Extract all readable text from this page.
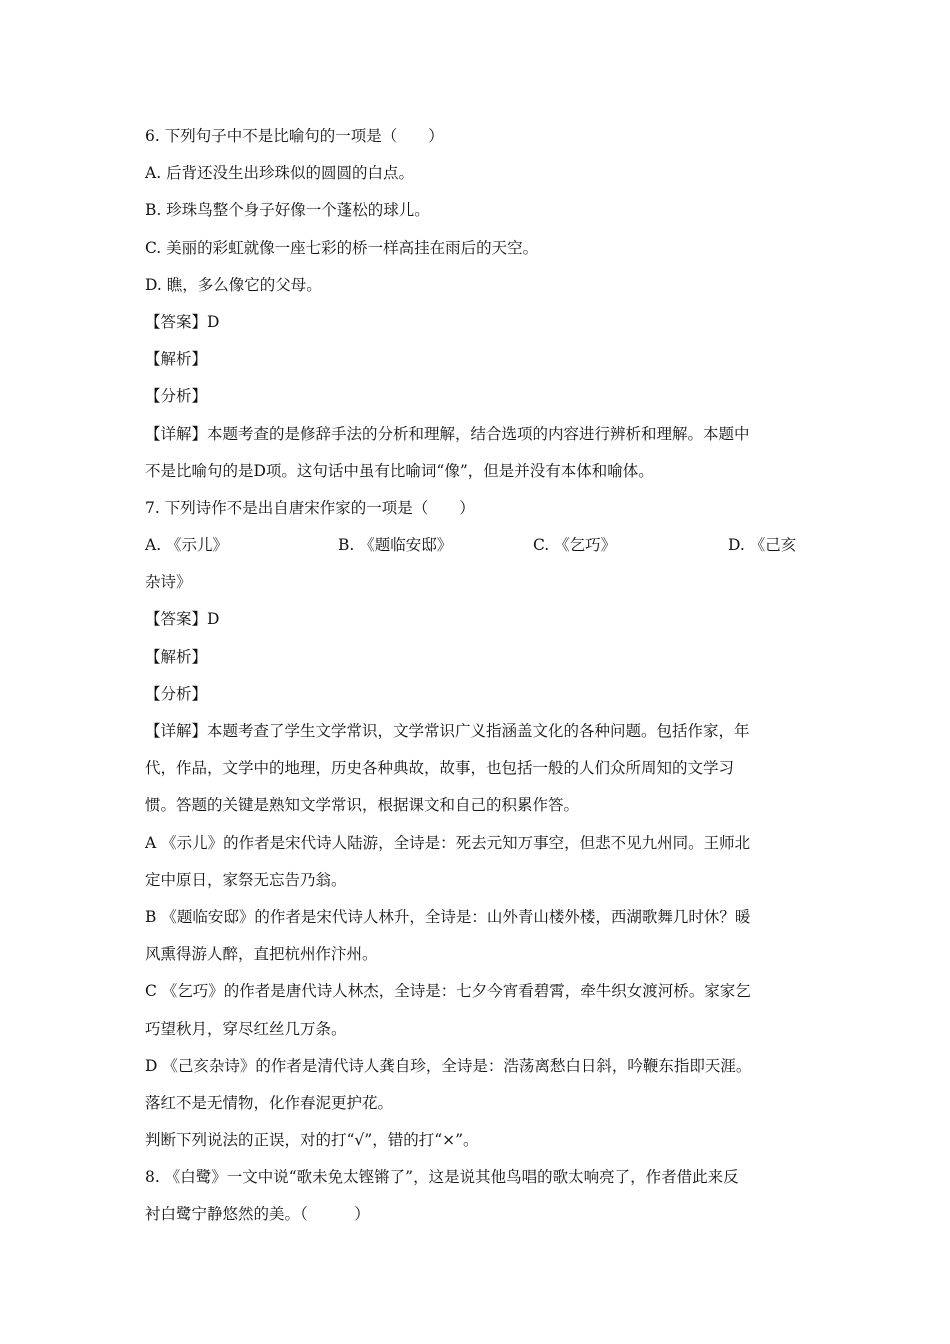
6. 下列句子中不是比喻句的一项是（　　）
A. 后背还没生出珍珠似的圆圆的白点。
B. 珍珠鸟整个身子好像一个蓬松的球儿。
C. 美丽的彩虹就像一座七彩的桥一样高挂在雨后的天空。
D. 瞧，多么像它的父母。
【答案】D
【解析】
【分析】
【详解】本题考查的是修辞手法的分析和理解，结合选项的内容进行辨析和理解。本题中
不是比喻句的是D项。这句话中虽有比喻词“像”，但是并没有本体和喻体。
7. 下列诗作不是出自唐宋作家的一项是（　　）
A. 《示儿》	B. 《题临安邸》	C. 《乞巧》	D. 《己亥
杂诗》
【答案】D
【解析】
【分析】
【详解】本题考查了学生文学常识，文学常识广义指涵盖文化的各种问题。包括作家，年
代，作品，文学中的地理，历史各种典故，故事，也包括一般的人们众所周知的文学习
惯。答题的关键是熟知文学常识，根据课文和自己的积累作答。
A 《示儿》的作者是宋代诗人陆游，全诗是：死去元知万事空，但悲不见九州同。王师北
定中原日，家祭无忘告乃翁。
B 《题临安邸》的作者是宋代诗人林升，全诗是：山外青山楼外楼，西湖歌舞几时休？暖
风熏得游人醉，直把杭州作汴州。
C 《乞巧》的作者是唐代诗人林杰，全诗是：七夕今宵看碧霄，牵牛织女渡河桥。家家乞
巧望秋月，穿尽红丝几万条。
D 《己亥杂诗》的作者是清代诗人龚自珍，全诗是：浩荡离愁白日斜，吟鞭东指即天涯。
落红不是无情物，化作春泥更护花。
判断下列说法的正误，对的打“√”，错的打“×”。
8. 《白鹭》一文中说“歌未免太铿锵了”，这是说其他鸟唱的歌太响亮了，作者借此来反
衬白鹭宁静悠然的美。（　　　）
